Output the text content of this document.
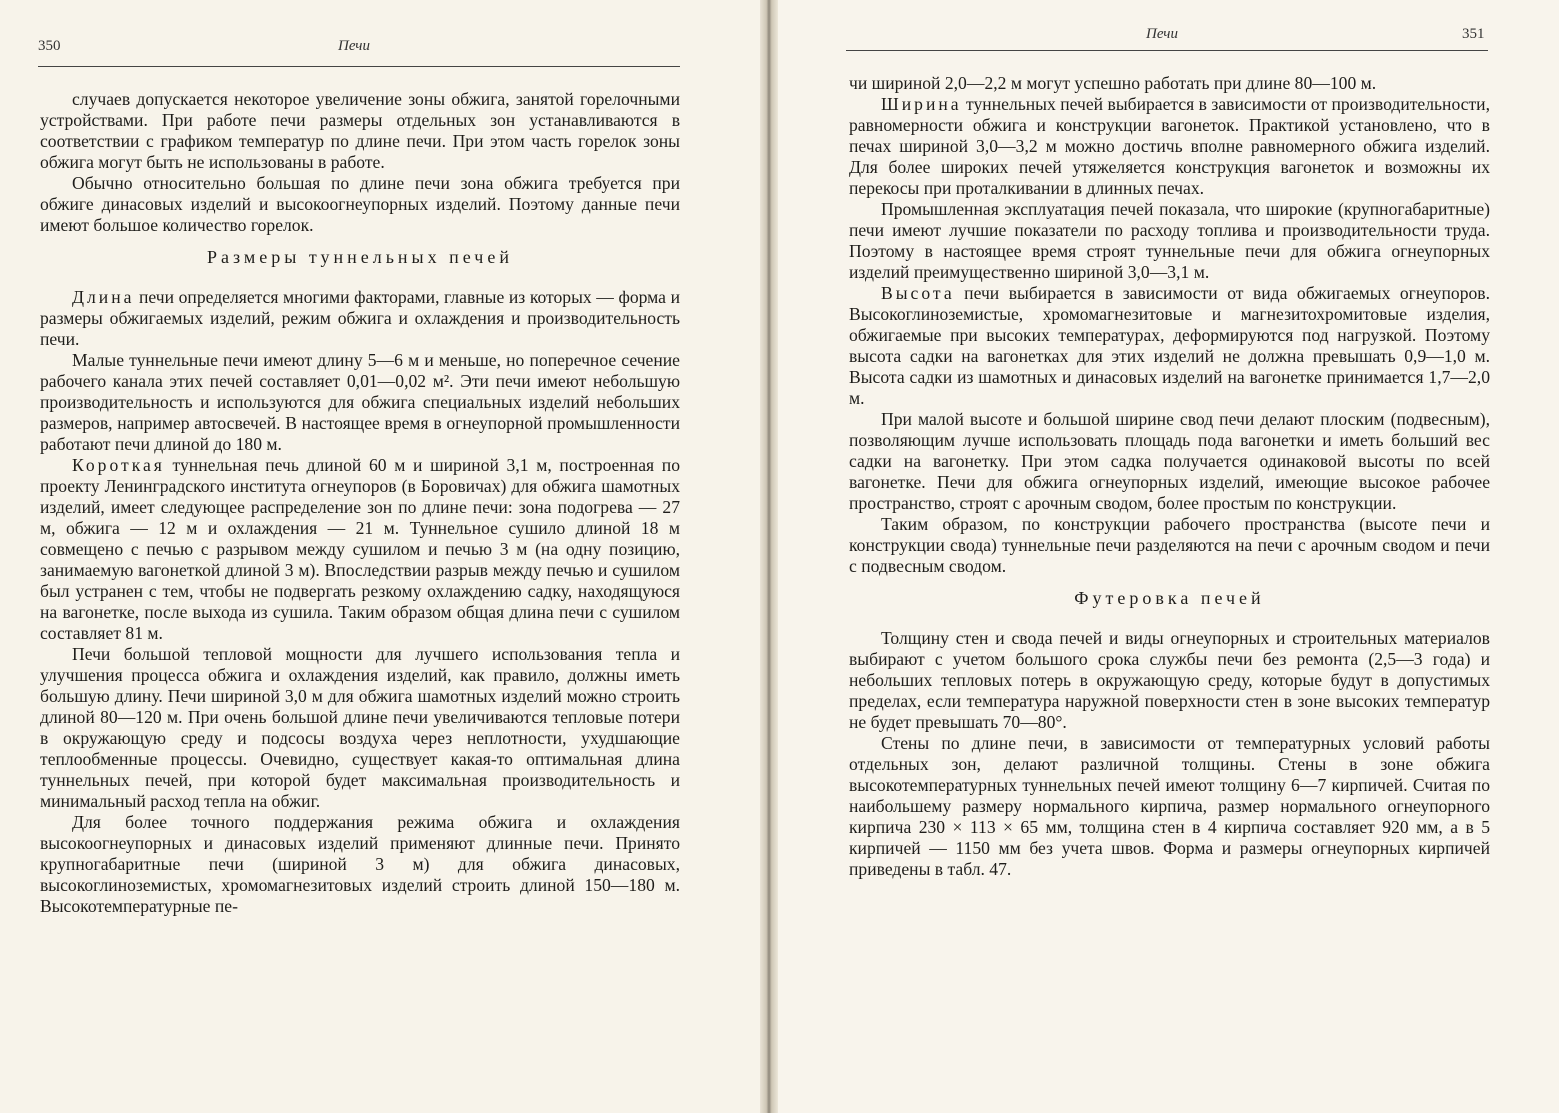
350	Печи

случаев допускается некоторое увеличение зоны обжига, занятой горелочными устройствами. При работе печи размеры отдельных зон устанавливаются в соответствии с графиком температур по длине печи. При этом часть горелок зоны обжига могут быть не использованы в работе.

Обычно относительно большая по длине печи зона обжига требуется при обжиге динасовых изделий и высокоогнеупорных изделий. Поэтому данные печи имеют большое количество горелок.

Размеры туннельных печей

Длина печи определяется многими факторами, главные из которых — форма и размеры обжигаемых изделий, режим обжига и охлаждения и производительность печи.

Малые туннельные печи имеют длину 5—6 м и меньше, но поперечное сечение рабочего канала этих печей составляет 0,01—0,02 м². Эти печи имеют небольшую производительность и используются для обжига специальных изделий небольших размеров, например автосвечей. В настоящее время в огнеупорной промышленности работают печи длиной до 180 м.

Короткая туннельная печь длиной 60 м и шириной 3,1 м, построенная по проекту Ленинградского института огнеупоров (в Боровичах) для обжига шамотных изделий, имеет следующее распределение зон по длине печи: зона подогрева — 27 м, обжига — 12 м и охлаждения — 21 м. Туннельное сушило длиной 18 м совмещено с печью с разрывом между сушилом и печью 3 м (на одну позицию, занимаемую вагонеткой длиной 3 м). Впоследствии разрыв между печью и сушилом был устранен с тем, чтобы не подвергать резкому охлаждению садку, находящуюся на вагонетке, после выхода из сушила. Таким образом общая длина печи с сушилом составляет 81 м.

Печи большой тепловой мощности для лучшего использования тепла и улучшения процесса обжига и охлаждения изделий, как правило, должны иметь большую длину. Печи шириной 3,0 м для обжига шамотных изделий можно строить длиной 80—120 м. При очень большой длине печи увеличиваются тепловые потери в окружающую среду и подсосы воздуха через неплотности, ухудшающие теплообменные процессы. Очевидно, существует какая-то оптимальная длина туннельных печей, при которой будет максимальная производительность и минимальный расход тепла на обжиг.

Для более точного поддержания режима обжига и охлаждения высокоогнеупорных и динасовых изделий применяют длинные печи. Принято крупногабаритные печи (шириной 3 м) для обжига динасовых, высокоглиноземистых, хромомагнезитовых изделий строить длиной 150—180 м. Высокотемпературные пе-

Печи	351

чи шириной 2,0—2,2 м могут успешно работать при длине 80—100 м.

Ширина туннельных печей выбирается в зависимости от производительности, равномерности обжига и конструкции вагонеток. Практикой установлено, что в печах шириной 3,0—3,2 м можно достичь вполне равномерного обжига изделий. Для более широких печей утяжеляется конструкция вагонеток и возможны их перекосы при проталкивании в длинных печах.

Промышленная эксплуатация печей показала, что широкие (крупногабаритные) печи имеют лучшие показатели по расходу топлива и производительности труда. Поэтому в настоящее время строят туннельные печи для обжига огнеупорных изделий преимущественно шириной 3,0—3,1 м.

Высота печи выбирается в зависимости от вида обжигаемых огнеупоров. Высокоглиноземистые, хромомагнезитовые и магнезитохромитовые изделия, обжигаемые при высоких температурах, деформируются под нагрузкой. Поэтому высота садки на вагонетках для этих изделий не должна превышать 0,9—1,0 м. Высота садки из шамотных и динасовых изделий на вагонетке принимается 1,7—2,0 м.

При малой высоте и большой ширине свод печи делают плоским (подвесным), позволяющим лучше использовать площадь пода вагонетки и иметь больший вес садки на вагонетку. При этом садка получается одинаковой высоты по всей вагонетке. Печи для обжига огнеупорных изделий, имеющие высокое рабочее пространство, строят с арочным сводом, более простым по конструкции.

Таким образом, по конструкции рабочего пространства (высоте печи и конструкции свода) туннельные печи разделяются на печи с арочным сводом и печи с подвесным сводом.

Футеровка печей

Толщину стен и свода печей и виды огнеупорных и строительных материалов выбирают с учетом большого срока службы печи без ремонта (2,5—3 года) и небольших тепловых потерь в окружающую среду, которые будут в допустимых пределах, если температура наружной поверхности стен в зоне высоких температур не будет превышать 70—80°.

Стены по длине печи, в зависимости от температурных условий работы отдельных зон, делают различной толщины. Стены в зоне обжига высокотемпературных туннельных печей имеют толщину 6—7 кирпичей. Считая по наибольшему размеру нормального кирпича, размер нормального огнеупорного кирпича 230 × 113 × 65 мм, толщина стен в 4 кирпича составляет 920 мм, а в 5 кирпичей — 1150 мм без учета швов. Форма и размеры огнеупорных кирпичей приведены в табл. 47.
